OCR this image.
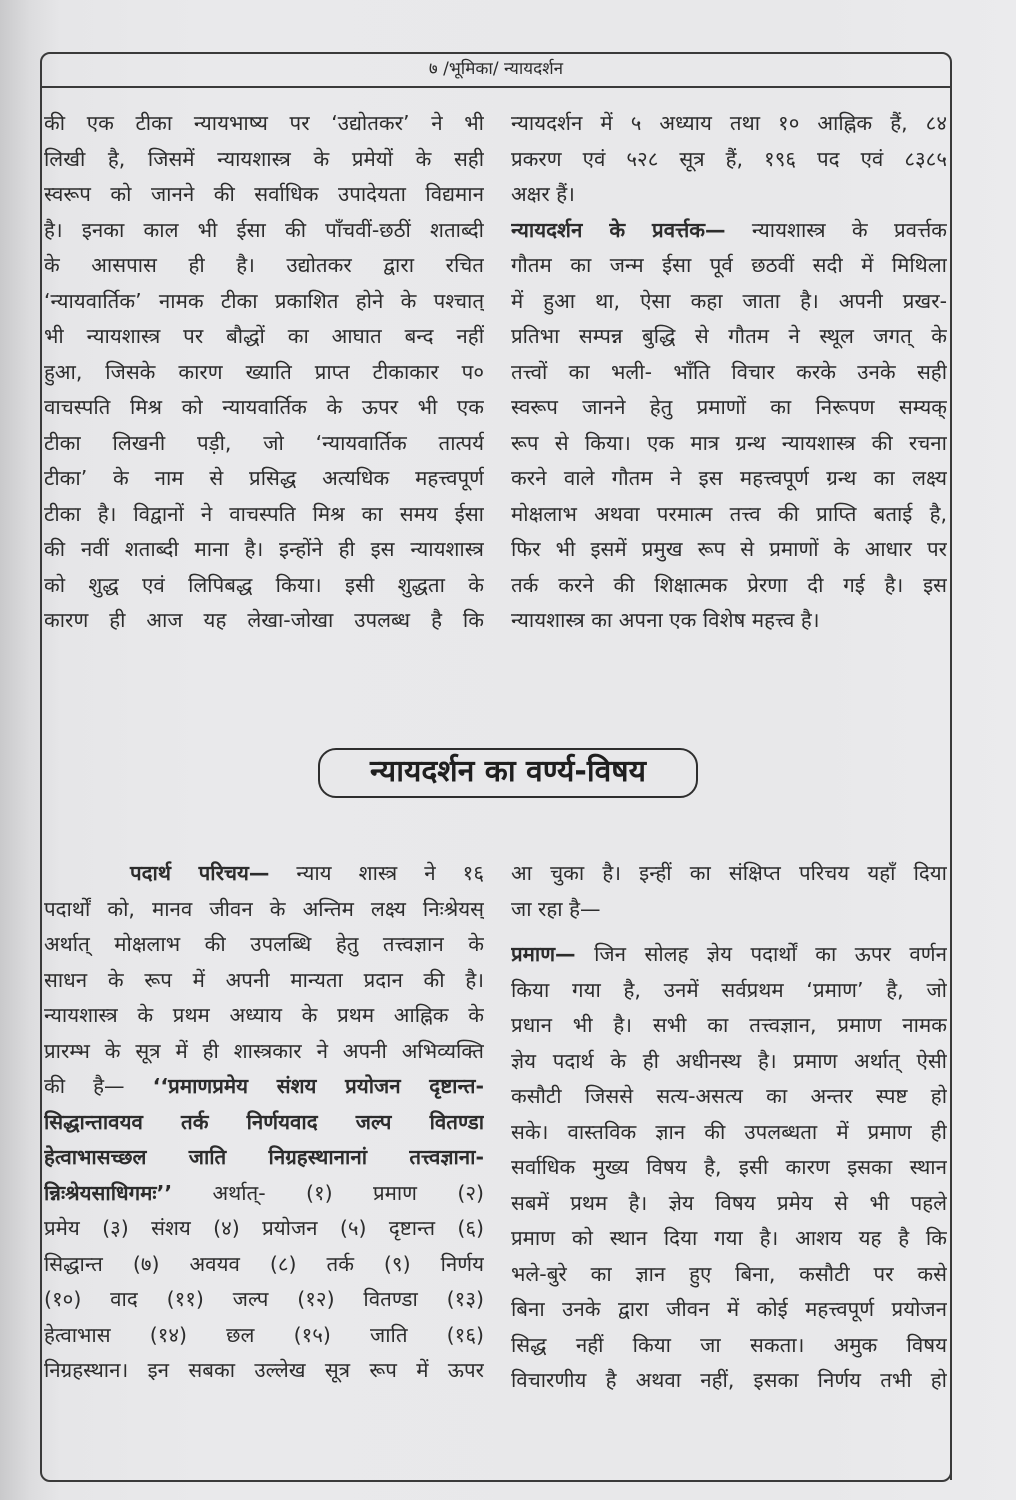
७ /भूमिका/ न्यायदर्शन
की एक टीका न्यायभाष्य पर ‘उद्योतकर’ ने भी
लिखी है, जिसमें न्यायशास्त्र के प्रमेयों के सही
स्वरूप को जानने की सर्वाधिक उपादेयता विद्यमान
है। इनका काल भी ईसा की पाँचवीं-छठीं शताब्दी
के आसपास ही है। उद्योतकर द्वारा रचित
‘न्यायवार्तिक’ नामक टीका प्रकाशित होने के पश्चात्
भी न्यायशास्त्र पर बौद्धों का आघात बन्द नहीं
हुआ, जिसके कारण ख्याति प्राप्त टीकाकार प०
वाचस्पति मिश्र को न्यायवार्तिक के ऊपर भी एक
टीका लिखनी पड़ी, जो ‘न्यायवार्तिक तात्पर्य
टीका’ के नाम से प्रसिद्ध अत्यधिक महत्त्वपूर्ण
टीका है। विद्वानों ने वाचस्पति मिश्र का समय ईसा
की नवीं शताब्दी माना है। इन्होंने ही इस न्यायशास्त्र
को शुद्ध एवं लिपिबद्ध किया। इसी शुद्धता के
कारण ही आज यह लेखा-जोखा उपलब्ध है कि
न्यायदर्शन में ५ अध्याय तथा १० आह्निक हैं, ८४
प्रकरण एवं ५२८ सूत्र हैं, १९६ पद एवं ८३८५
अक्षर हैं।
न्यायदर्शन के प्रवर्त्तक— न्यायशास्त्र के प्रवर्त्तक
गौतम का जन्म ईसा पूर्व छठवीं सदी में मिथिला
में हुआ था, ऐसा कहा जाता है। अपनी प्रखर-
प्रतिभा सम्पन्न बुद्धि से गौतम ने स्थूल जगत् के
तत्त्वों का भली- भाँति विचार करके उनके सही
स्वरूप जानने हेतु प्रमाणों का निरूपण सम्यक्
रूप से किया। एक मात्र ग्रन्थ न्यायशास्त्र की रचना
करने वाले गौतम ने इस महत्त्वपूर्ण ग्रन्थ का लक्ष्य
मोक्षलाभ अथवा परमात्म तत्त्व की प्राप्ति बताई है,
फिर भी इसमें प्रमुख रूप से प्रमाणों के आधार पर
तर्क करने की शिक्षात्मक प्रेरणा दी गई है। इस
न्यायशास्त्र का अपना एक विशेष महत्त्व है।
न्यायदर्शन का वर्ण्य-विषय
पदार्थ परिचय— न्याय शास्त्र ने १६
पदार्थों को, मानव जीवन के अन्तिम लक्ष्य निःश्रेयस्
अर्थात् मोक्षलाभ की उपलब्धि हेतु तत्त्वज्ञान के
साधन के रूप में अपनी मान्यता प्रदान की है।
न्यायशास्त्र के प्रथम अध्याय के प्रथम आह्निक के
प्रारम्भ के सूत्र में ही शास्त्रकार ने अपनी अभिव्यक्ति
की है— ‘‘प्रमाणप्रमेय संशय प्रयोजन दृष्टान्त-
सिद्धान्तावयव तर्क निर्णयवाद जल्प वितण्डा
हेत्वाभासच्छल जाति निग्रहस्थानानां तत्त्वज्ञाना-
न्निःश्रेयसाधिगमः’’ अर्थात्- (१) प्रमाण (२)
प्रमेय (३) संशय (४) प्रयोजन (५) दृष्टान्त (६)
सिद्धान्त (७) अवयव (८) तर्क (९) निर्णय
(१०) वाद (११) जल्प (१२) वितण्डा (१३)
हेत्वाभास (१४) छल (१५) जाति (१६)
निग्रहस्थान। इन सबका उल्लेख सूत्र रूप में ऊपर
आ चुका है। इन्हीं का संक्षिप्त परिचय यहाँ दिया
जा रहा है—
प्रमाण— जिन सोलह ज्ञेय पदार्थों का ऊपर वर्णन
किया गया है, उनमें सर्वप्रथम ‘प्रमाण’ है, जो
प्रधान भी है। सभी का तत्त्वज्ञान, प्रमाण नामक
ज्ञेय पदार्थ के ही अधीनस्थ है। प्रमाण अर्थात् ऐसी
कसौटी जिससे सत्य-असत्य का अन्तर स्पष्ट हो
सके। वास्तविक ज्ञान की उपलब्धता में प्रमाण ही
सर्वाधिक मुख्य विषय है, इसी कारण इसका स्थान
सबमें प्रथम है। ज्ञेय विषय प्रमेय से भी पहले
प्रमाण को स्थान दिया गया है। आशय यह है कि
भले-बुरे का ज्ञान हुए बिना, कसौटी पर कसे
बिना उनके द्वारा जीवन में कोई महत्त्वपूर्ण प्रयोजन
सिद्ध नहीं किया जा सकता। अमुक विषय
विचारणीय है अथवा नहीं, इसका निर्णय तभी हो
